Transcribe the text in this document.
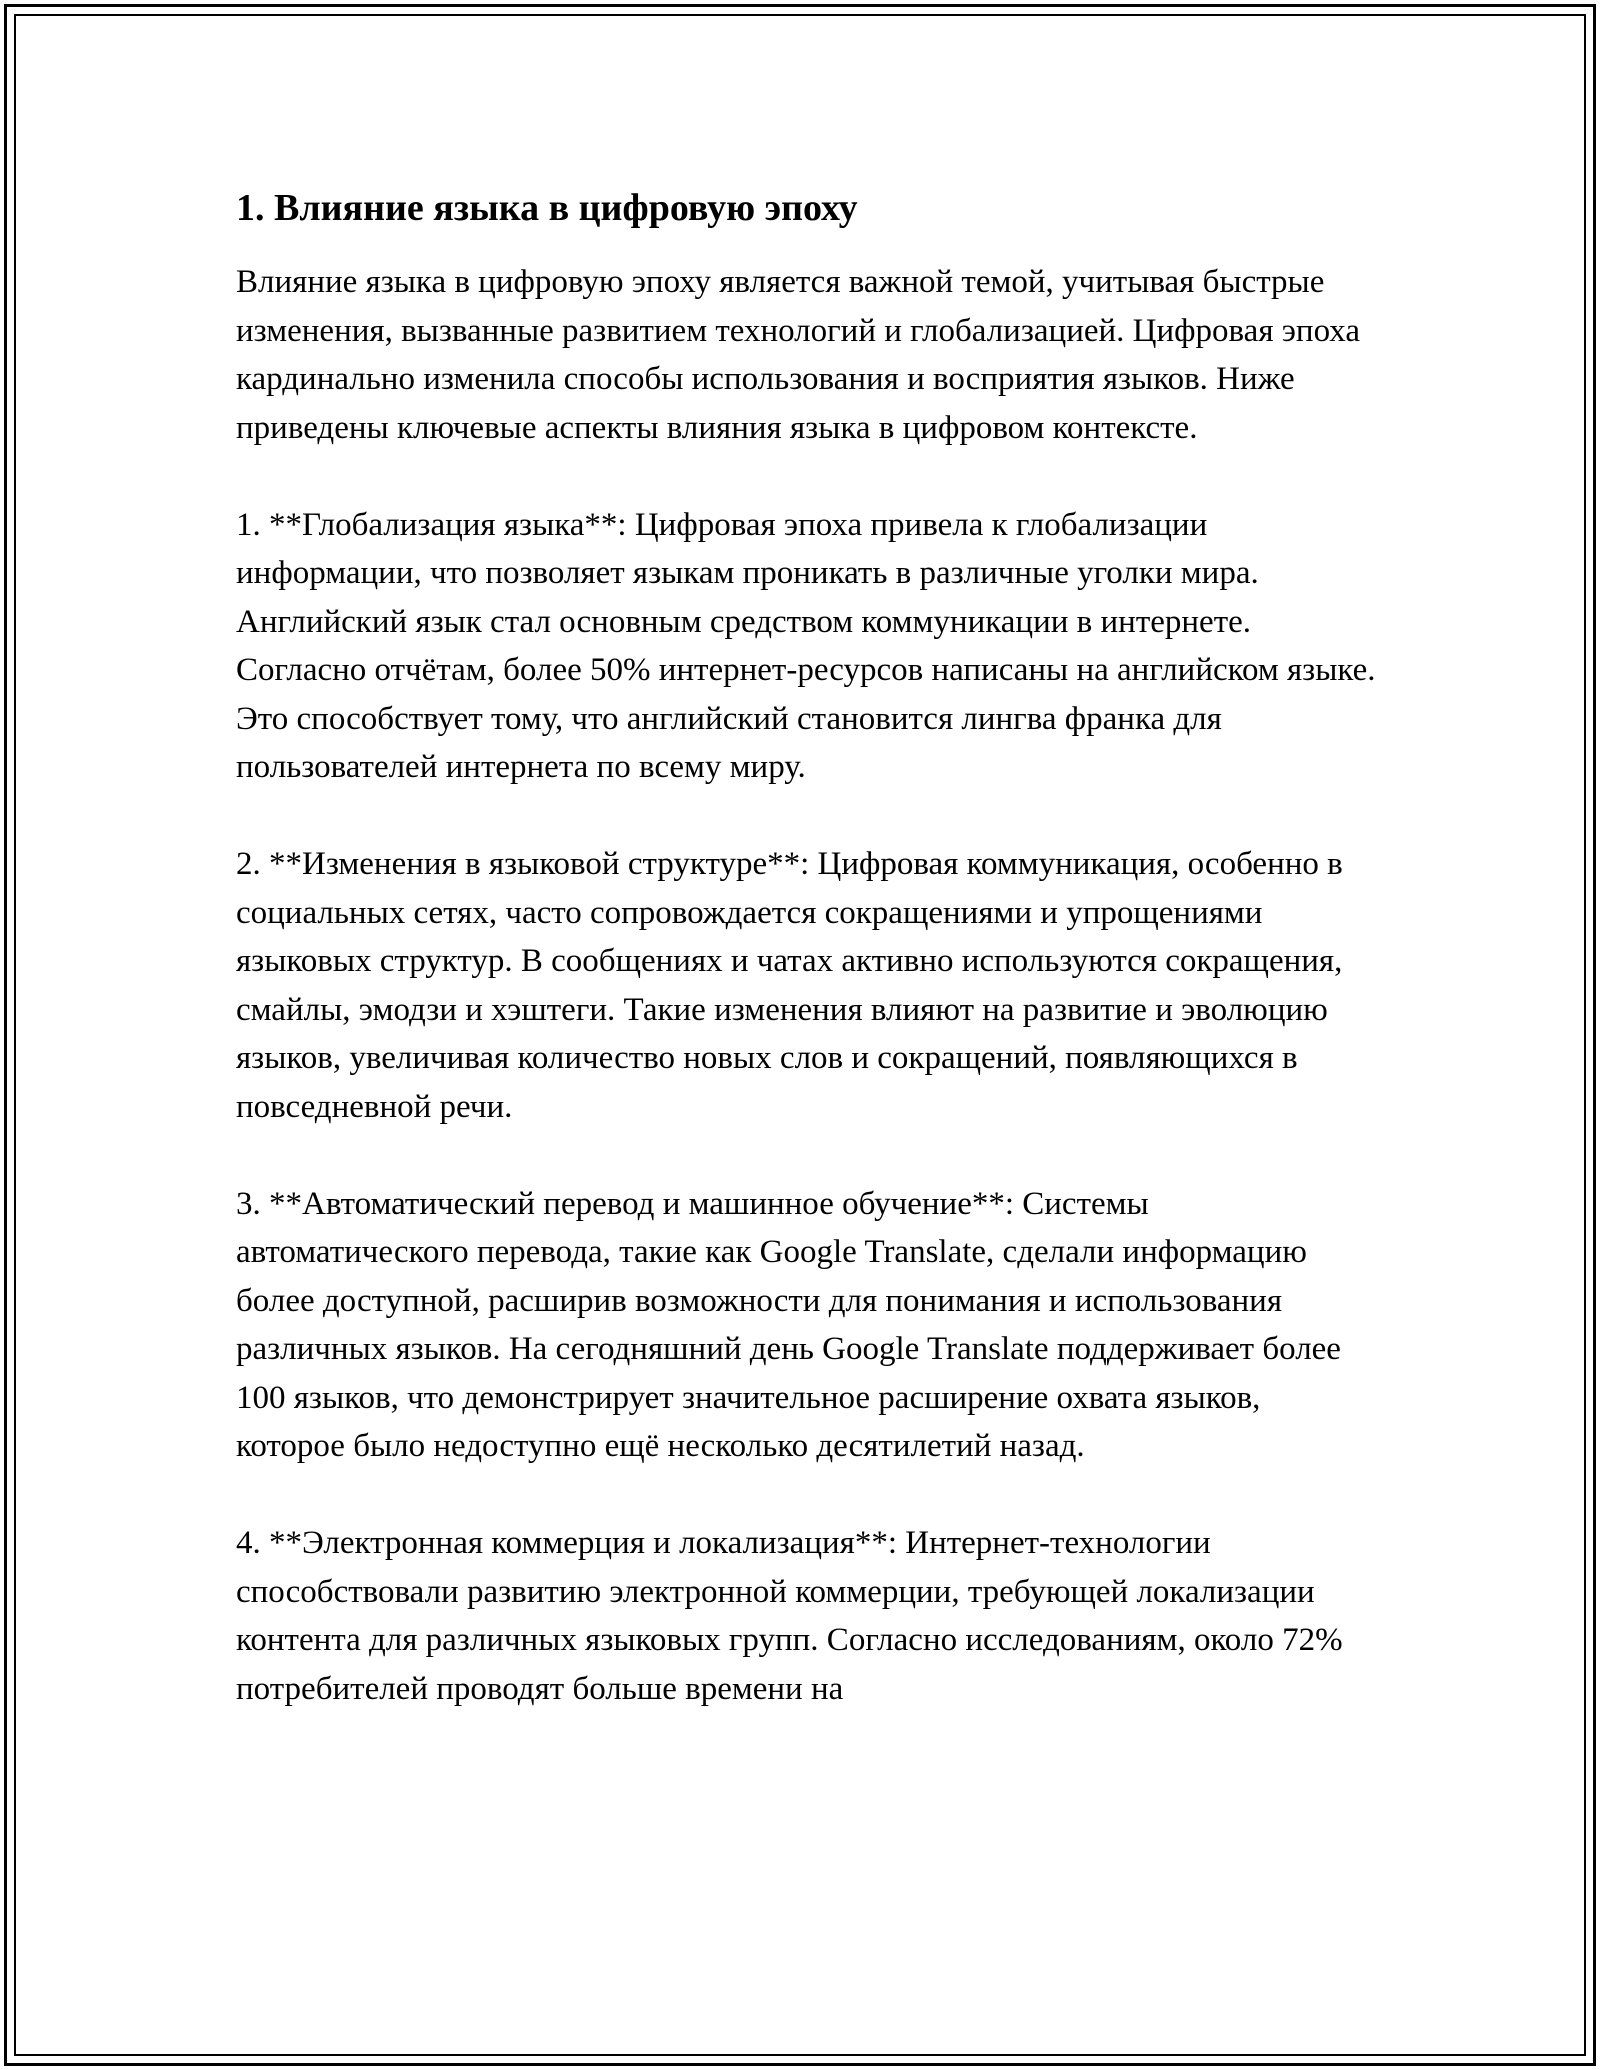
1. Влияние языка в цифровую эпоху

Влияние языка в цифровую эпоху является важной темой, учитывая быстрые изменения, вызванные развитием технологий и глобализацией. Цифровая эпоха кардинально изменила способы использования и восприятия языков. Ниже приведены ключевые аспекты влияния языка в цифровом контексте.

1. **Глобализация языка**: Цифровая эпоха привела к глобализации информации, что позволяет языкам проникать в различные уголки мира. Английский язык стал основным средством коммуникации в интернете. Согласно отчётам, более 50% интернет-ресурсов написаны на английском языке. Это способствует тому, что английский становится лингва франка для пользователей интернета по всему миру.

2. **Изменения в языковой структуре**: Цифровая коммуникация, особенно в социальных сетях, часто сопровождается сокращениями и упрощениями языковых структур. В сообщениях и чатах активно используются сокращения, смайлы, эмодзи и хэштеги. Такие изменения влияют на развитие и эволюцию языков, увеличивая количество новых слов и сокращений, появляющихся в повседневной речи.

3. **Автоматический перевод и машинное обучение**: Системы автоматического перевода, такие как Google Translate, сделали информацию более доступной, расширив возможности для понимания и использования различных языков. На сегодняшний день Google Translate поддерживает более 100 языков, что демонстрирует значительное расширение охвата языков, которое было недоступно ещё несколько десятилетий назад.

4. **Электронная коммерция и локализация**: Интернет-технологии способствовали развитию электронной коммерции, требующей локализации контента для различных языковых групп. Согласно исследованиям, около 72% потребителей проводят больше времени на
